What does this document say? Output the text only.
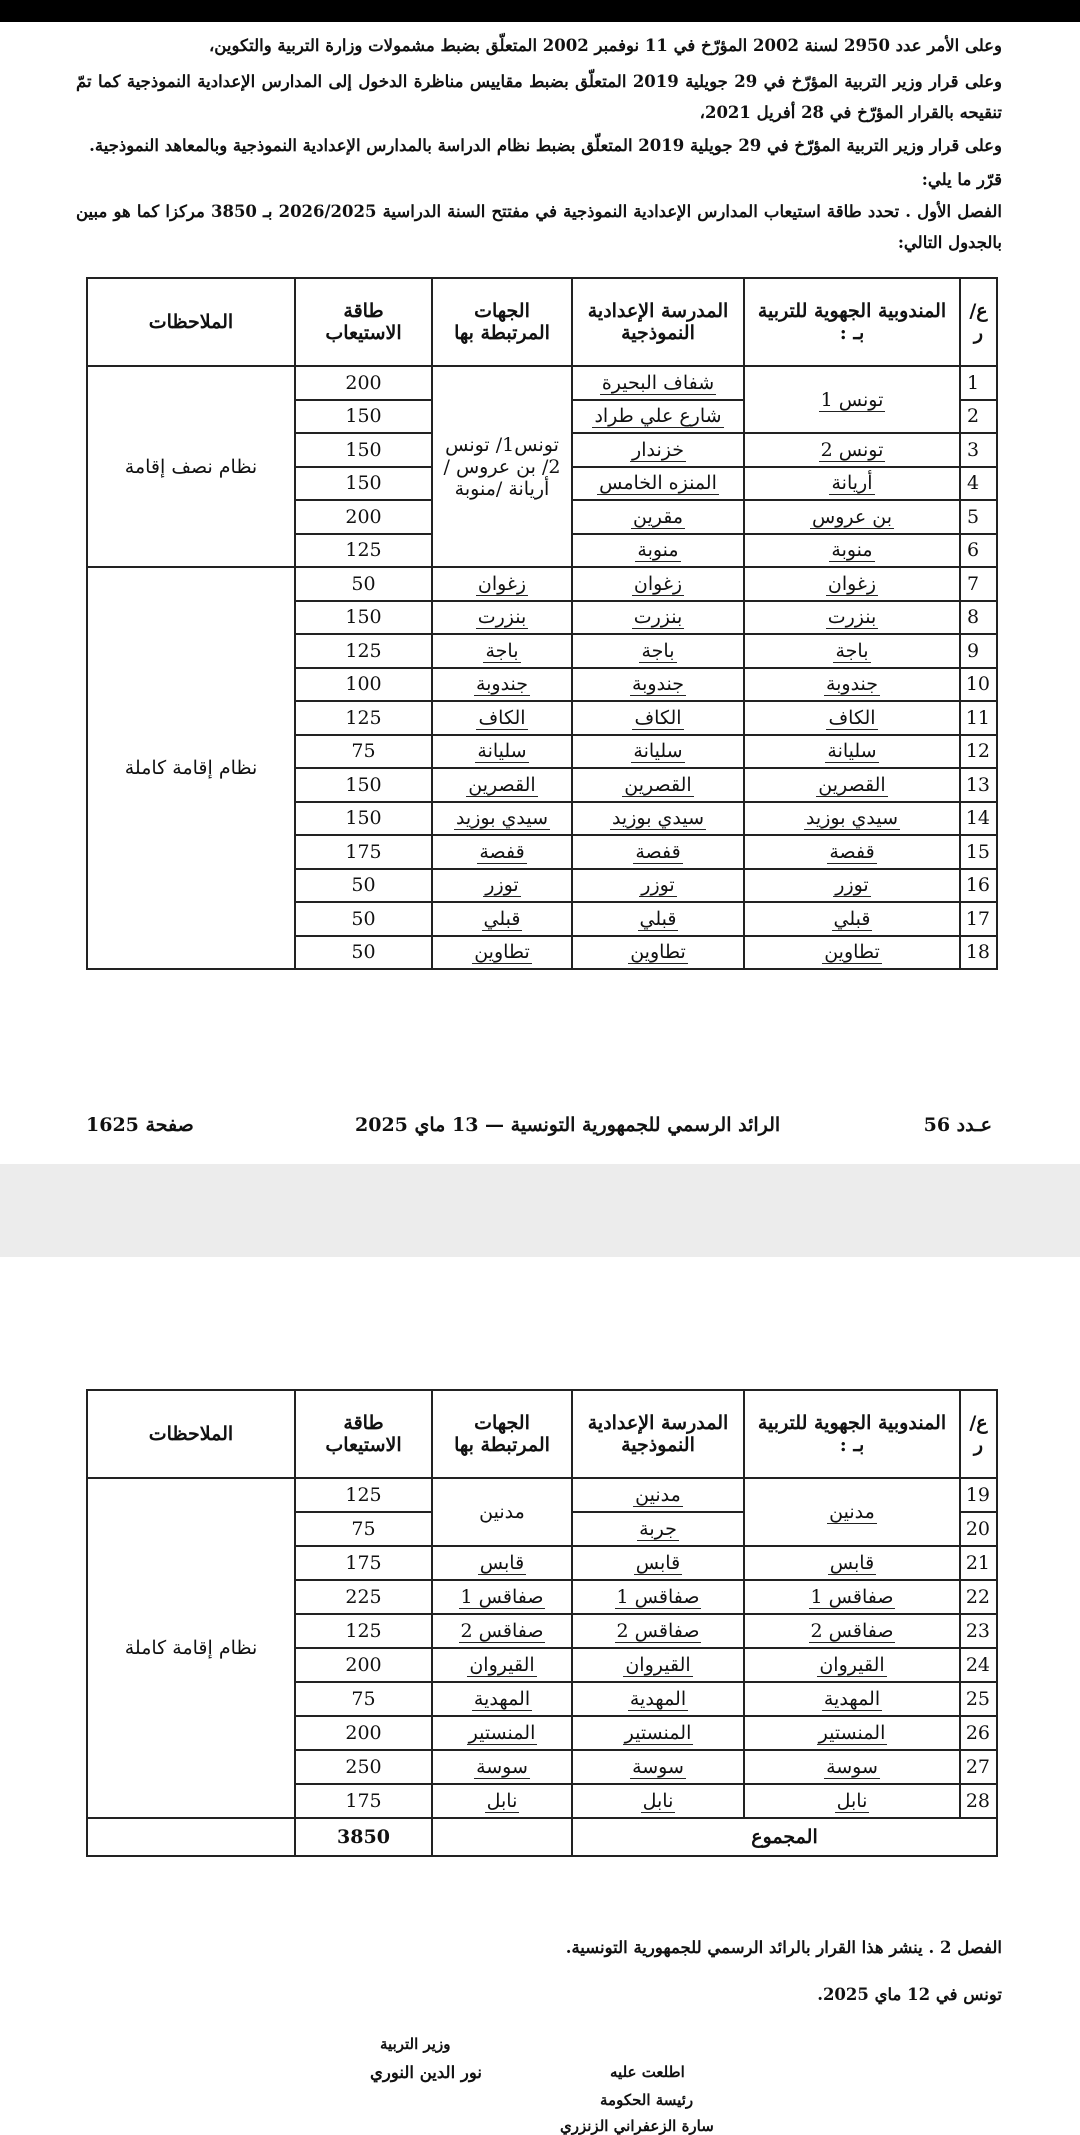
وعلى الأمر عدد 2950 لسنة 2002 المؤرّخ في 11 نوفمبر 2002 المتعلّق بضبط مشمولات وزارة التربية والتكوين،
وعلى قرار وزير التربية المؤرّخ في 29 جويلية 2019 المتعلّق بضبط مقاييس مناظرة الدخول إلى المدارس الإعدادية النموذجية كما تمّ تنقيحه بالقرار المؤرّخ في 28 أفريل 2021،
وعلى قرار وزير التربية المؤرّخ في 29 جويلية 2019 المتعلّق بضبط نظام الدراسة بالمدارس الإعدادية النموذجية وبالمعاهد النموذجية.
قرّر ما يلي:
الفصل الأول . تحدد طاقة استيعاب المدارس الإعدادية النموذجية في مفتتح السنة الدراسية 2026/2025 بـ 3850 مركزا كما هو مبين بالجدول التالي:
ع/ر	المندوبية الجهوية للتربية بـ :	المدرسة الإعدادية النموذجية	الجهات المرتبطة بها	طاقة الاستيعاب	الملاحظات
1	تونس 1	شفاف البحيرة	تونس1/ تونس 2/ بن عروس /أريانة /منوبة	200	نظام نصف إقامة
2		شارع علي طراد		150	
3	تونس 2	خزندار		150	
4	أريانة	المنزه الخامس		150	
5	بن عروس	مقرين		200	
6	منوبة	منوبة		125	
7	زغوان	زغوان	زغوان	50	نظام إقامة كاملة
8	بنزرت	بنزرت	بنزرت	150	
9	باجة	باجة	باجة	125	
10	جندوبة	جندوبة	جندوبة	100	
11	الكاف	الكاف	الكاف	125	
12	سليانة	سليانة	سليانة	75	
13	القصرين	القصرين	القصرين	150	
14	سيدي بوزيد	سيدي بوزيد	سيدي بوزيد	150	
15	قفصة	قفصة	قفصة	175	
16	توزر	توزر	توزر	50	
17	قبلي	قبلي	قبلي	50	
18	تطاوين	تطاوين	تطاوين	50	
عـدد 56
الرائد الرسمي للجمهورية التونسية — 13 ماي 2025
صفحة 1625
ع/ر	المندوبية الجهوية للتربية بـ :	المدرسة الإعدادية النموذجية	الجهات المرتبطة بها	طاقة الاستيعاب	الملاحظات
19	مدنين	مدنين	مدنين	125	نظام إقامة كاملة
20		جربة		75	
21	قابس	قابس	قابس	175	
22	صفاقس 1	صفاقس 1	صفاقس 1	225	
23	صفاقس 2	صفاقس 2	صفاقس 2	125	
24	القيروان	القيروان	القيروان	200	
25	المهدية	المهدية	المهدية	75	
26	المنستير	المنستير	المنستير	200	
27	سوسة	سوسة	سوسة	250	
28	نابل	نابل	نابل	175	
المجموع				3850	
الفصل 2 . ينشر هذا القرار بالرائد الرسمي للجمهورية التونسية.
تونس في 12 ماي 2025.
وزير التربية
نور الدين النوري	اطلعت عليه
رئيسة الحكومة
سارة الزعفراني الزنزري
